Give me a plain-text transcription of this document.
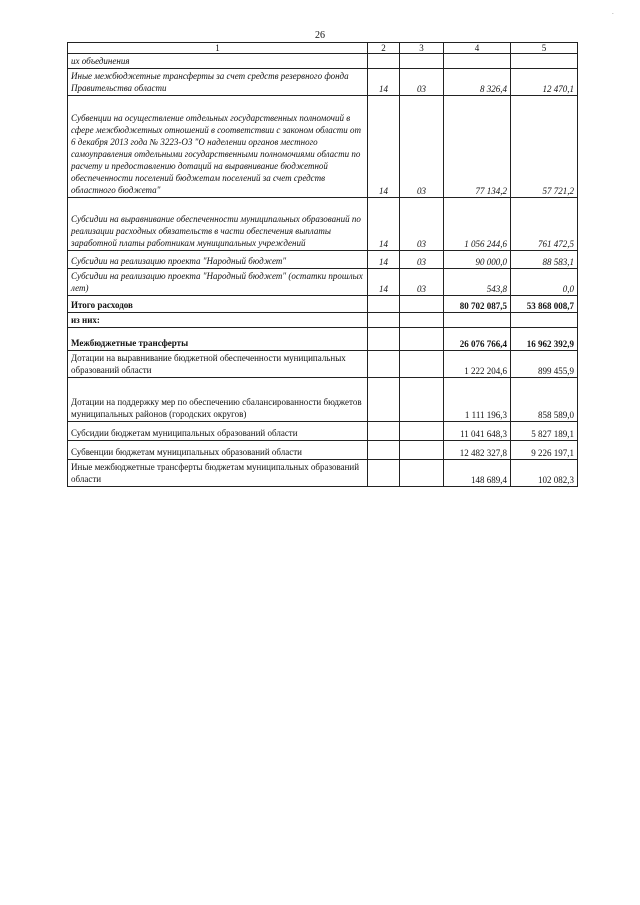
26
.
1	2	3	4	5
их объединения				
Иные межбюджетные трансферты за счет средств резервного фонда Правительства области	14	03	8 326,4	12 470,1
Субвенции на осуществление отдельных государственных полномочий в сфере межбюджетных отношений в соответствии с законом области от 6 декабря 2013 года № 3223-ОЗ "О наделении органов местного самоуправления отдельными государственными полномочиями области по расчету и предоставлению дотаций на выравнивание бюджетной обеспеченности поселений бюджетам поселений за счет средств областного бюджета"	14	03	77 134,2	57 721,2
Субсидии на выравнивание обеспеченности муниципальных образований по реализации расходных обязательств в части обеспечения выплаты заработной платы работникам муниципальных учреждений	14	03	1 056 244,6	761 472,5
Субсидии на реализацию проекта "Народный бюджет"	14	03	90 000,0	88 583,1
Субсидии на реализацию проекта "Народный бюджет" (остатки прошлых лет)	14	03	543,8	0,0
Итого расходов			80 702 087,5	53 868 008,7
из них:				
Межбюджетные трансферты			26 076 766,4	16 962 392,9
Дотации на выравнивание бюджетной обеспеченности муниципальных образований области			1 222 204,6	899 455,9
Дотации на поддержку мер по обеспечению сбалансированности бюджетов муниципальных районов (городских округов)			1 111 196,3	858 589,0
Субсидии бюджетам муниципальных образований области			11 041 648,3	5 827 189,1
Субвенции бюджетам муниципальных образований области			12 482 327,8	9 226 197,1
Иные межбюджетные трансферты бюджетам муниципальных образований области			148 689,4	102 082,3
